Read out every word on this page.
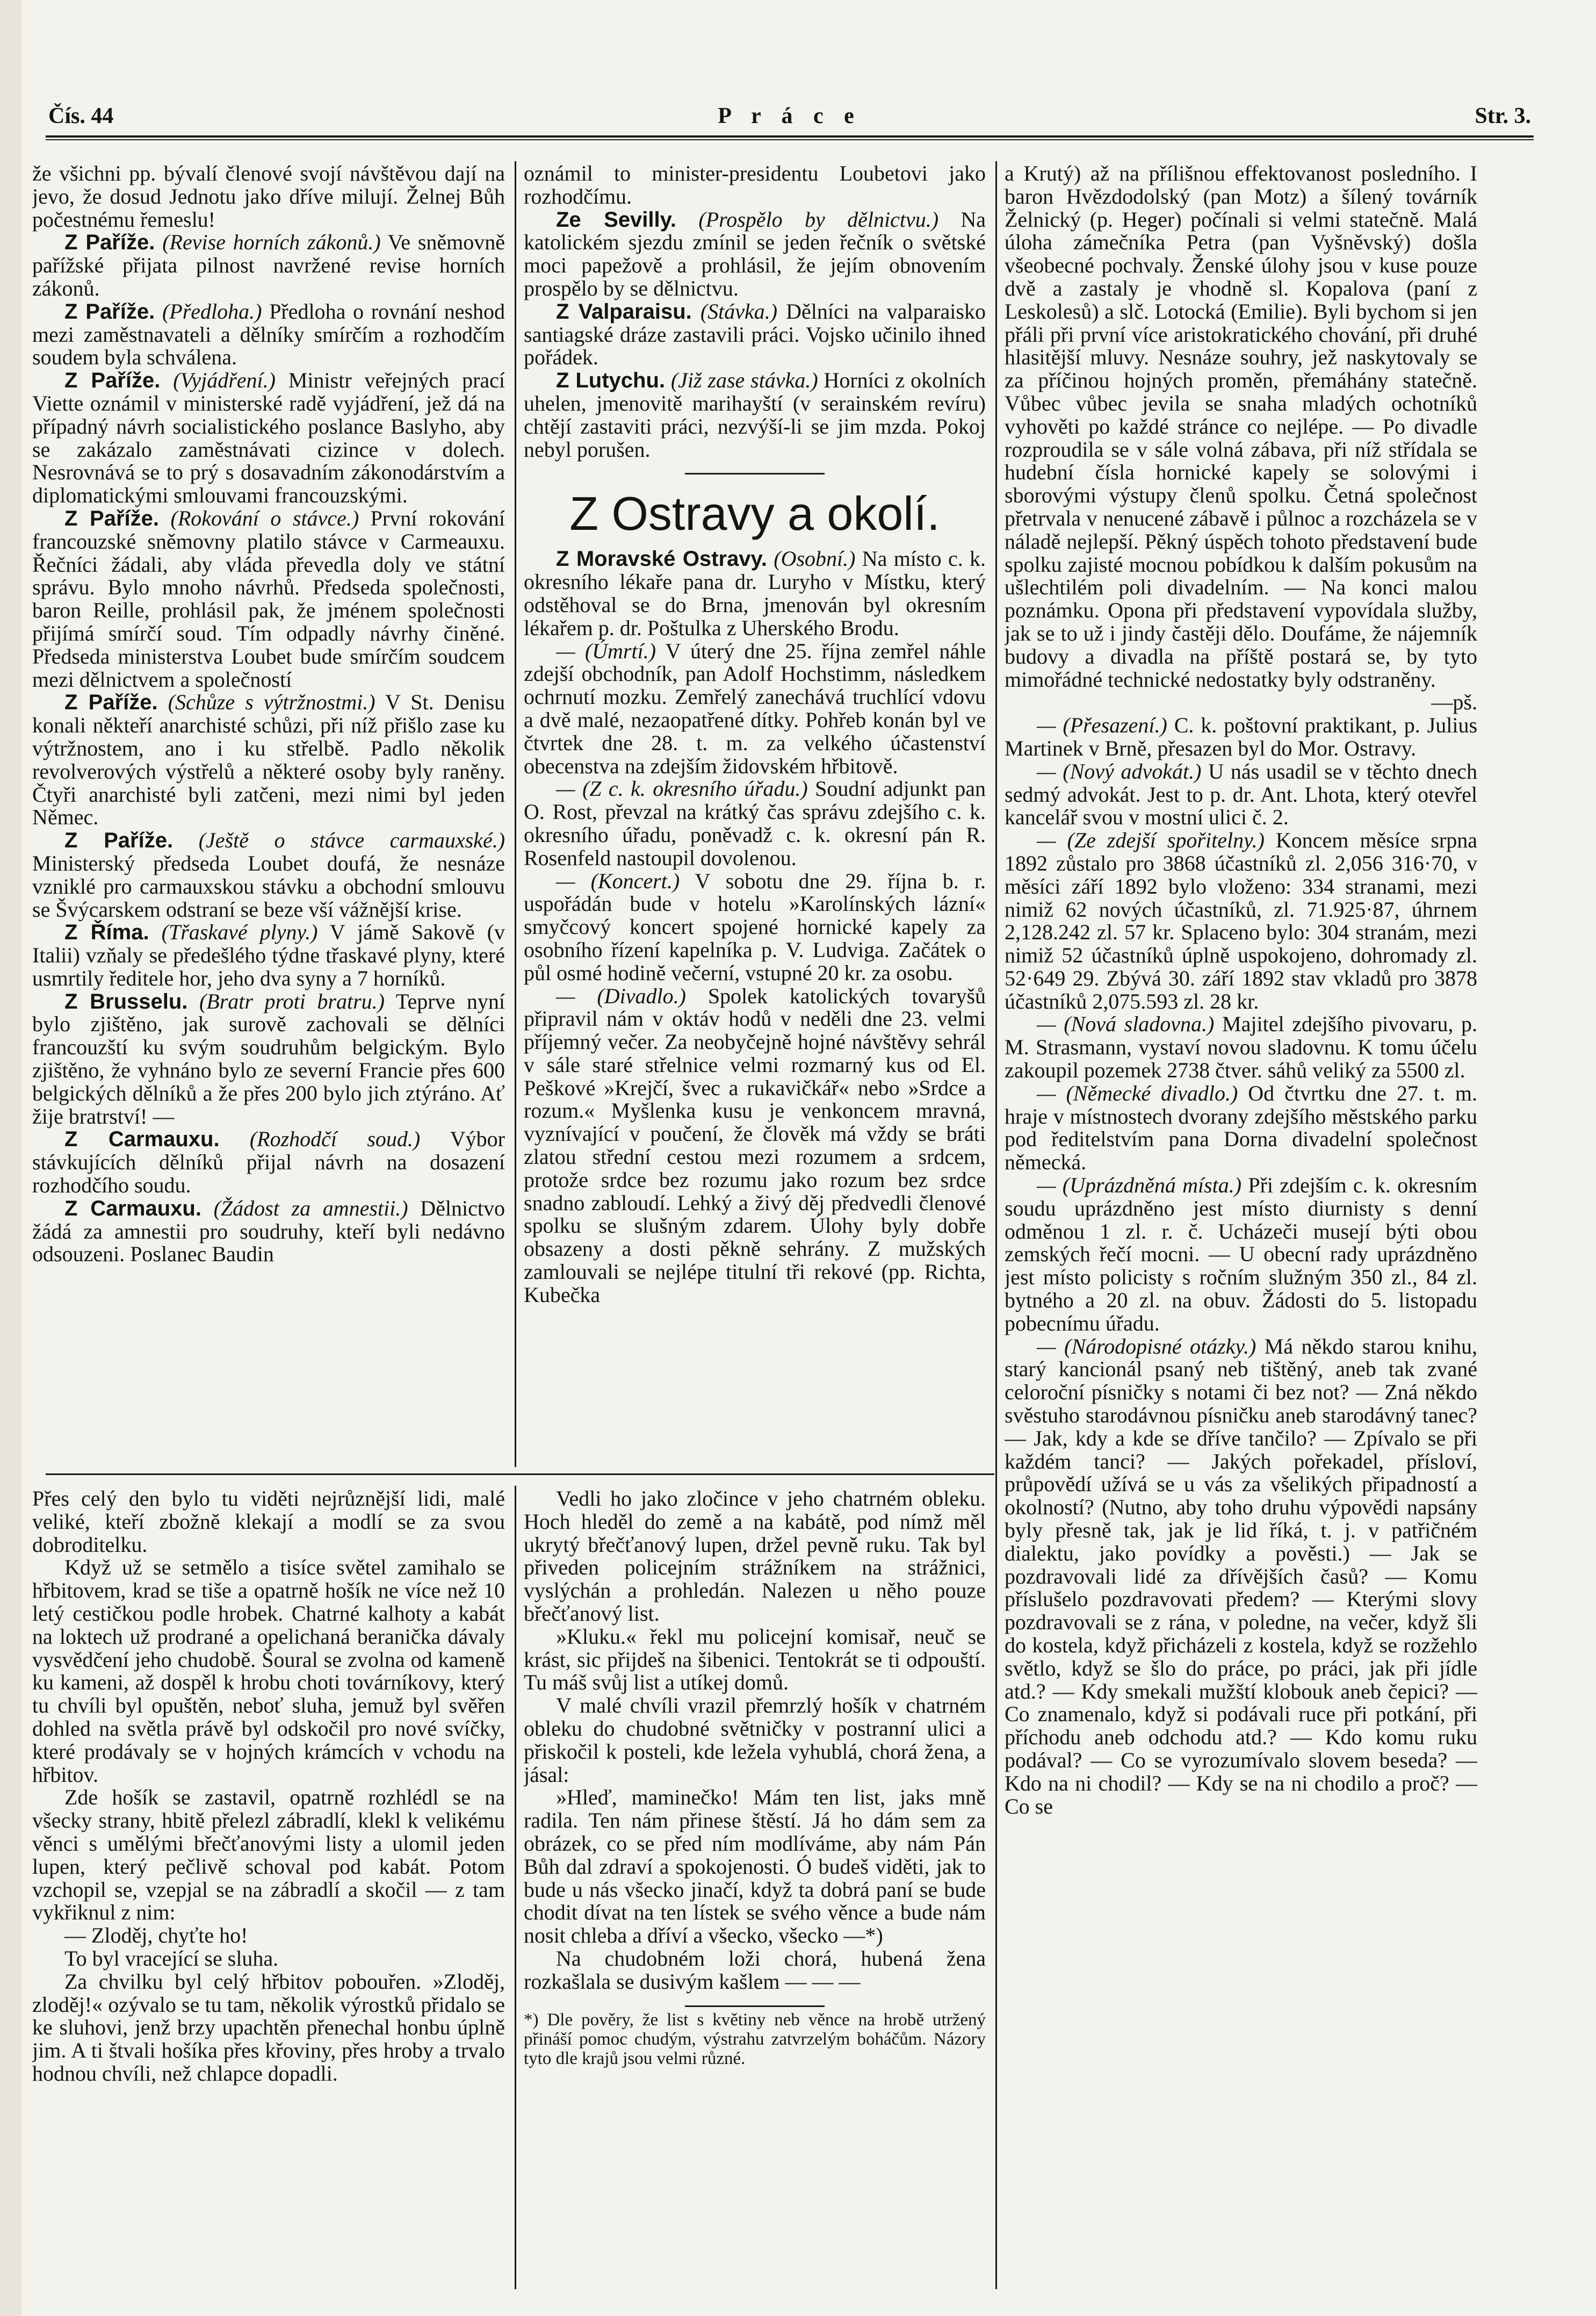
P r á c e
Čís. 44	Str. 3.

že všichni pp. bývalí členové svojí návštěvou dají na jevo, že dosud Jednotu jako dříve milují. Želnej Bůh počestnému řemeslu!

Z Paříže. (Revise horních zákonů.) Ve sněmovně pařížské přijata pilnost navržené revise horních zákonů.

Z Paříže. (Předloha.) Předloha o rovnání neshod mezi zaměstnavateli a dělníky smírčím a rozhodčím soudem byla schválena.

Z Paříže. (Vyjádření.) Ministr veřejných prací Viette oznámil v ministerské radě vyjádření, jež dá na případný návrh socialistického poslance Baslyho, aby se zakázalo zaměstnávati cizince v dolech. Nesrovnává se to prý s dosavadním zákonodárstvím a diplomatickými smlouvami francouzskými.

Z Paříže. (Rokování o stávce.) První rokování francouzské sněmovny platilo stávce v Carmeauxu. Řečníci žádali, aby vláda převedla doly ve státní správu. Bylo mnoho návrhů. Předseda společnosti, baron Reille, prohlásil pak, že jménem společnosti přijímá smírčí soud. Tím odpadly návrhy činěné. Předseda ministerstva Loubet bude smírčím soudcem mezi dělnictvem a společností

Z Paříže. (Schůze s výtržnostmi.) V St. Denisu konali někteří anarchisté schůzi, při níž přišlo zase ku výtržnostem, ano i ku střelbě. Padlo několik revolverových výstřelů a některé osoby byly raněny. Čtyři anarchisté byli zatčeni, mezi nimi byl jeden Němec.

Z Paříže. (Ještě o stávce carmauxské.) Ministerský předseda Loubet doufá, že nesnáze vzniklé pro carmauxskou stávku a obchodní smlouvu se Švýcarskem odstraní se beze vší vážnější krise.

Z Říma. (Třaskavé plyny.) V jámě Sakově (v Italii) vzňaly se předešlého týdne třaskavé plyny, které usmrtily ředitele hor, jeho dva syny a 7 horníků.

Z Brusselu. (Bratr proti bratru.) Teprve nyní bylo zjištěno, jak surově zachovali se dělníci francouzští ku svým soudruhům belgickým. Bylo zjištěno, že vyhnáno bylo ze severní Francie přes 600 belgických dělníků a že přes 200 bylo jich ztýráno. Ať žije bratrství! —

Z Carmauxu. (Rozhodčí soud.) Výbor stávkujících dělníků přijal návrh na dosazení rozhodčího soudu.

Z Carmauxu. (Žádost za amnestii.) Dělnictvo žádá za amnestii pro soudruhy, kteří byli nedávno odsouzeni. Poslanec Baudin

oznámil to minister-presidentu Loubetovi jako rozhodčímu.

Ze Sevilly. (Prospělo by dělnictvu.) Na katolickém sjezdu zmínil se jeden řečník o světské moci papežově a prohlásil, že jejím obnovením prospělo by se dělnictvu.

Z Valparaisu. (Stávka.) Dělníci na valparaisko santiagské dráze zastavili práci. Vojsko učinilo ihned pořádek.

Z Lutychu. (Již zase stávka.) Horníci z okolních uhelen, jmenovitě marihayští (v serainském revíru) chtějí zastaviti práci, nezvýší-li se jim mzda. Pokoj nebyl porušen.

Z Ostravy a okolí.

Z Moravské Ostravy. (Osobní.) Na místo c. k. okresního lékaře pana dr. Luryho v Místku, který odstěhoval se do Brna, jmenován byl okresním lékařem p. dr. Poštulka z Uherského Brodu.

— (Úmrtí.) V úterý dne 25. října zemřel náhle zdejší obchodník, pan Adolf Hochstimm, následkem ochrnutí mozku. Zemřelý zanechává truchlící vdovu a dvě malé, nezaopatřené dítky. Pohřeb konán byl ve čtvrtek dne 28. t. m. za velkého účastenství obecenstva na zdejším židovském hřbitově.

— (Z c. k. okresního úřadu.) Soudní adjunkt pan O. Rost, převzal na krátký čas správu zdejšího c. k. okresního úřadu, poněvadž c. k. okresní pán R. Rosenfeld nastoupil dovolenou.

— (Koncert.) V sobotu dne 29. října b. r. uspořádán bude v hotelu »Karolínských lázní« smyčcový koncert spojené hornické kapely za osobního řízení kapelníka p. V. Ludviga. Začátek o půl osmé hodině večerní, vstupné 20 kr. za osobu.

— (Divadlo.) Spolek katolických tovaryšů připravil nám v oktáv hodů v neděli dne 23. velmi příjemný večer. Za neobyčejně hojné návštěvy sehrál v sále staré střelnice velmi rozmarný kus od El. Peškové »Krejčí, švec a rukavičkář« nebo »Srdce a rozum.« Myšlenka kusu je venkoncem mravná, vyznívající v poučení, že člověk má vždy se bráti zlatou střední cestou mezi rozumem a srdcem, protože srdce bez rozumu jako rozum bez srdce snadno zabloudí. Lehký a živý děj předvedli členové spolku se slušným zdarem. Úlohy byly dobře obsazeny a dosti pěkně sehrány. Z mužských zamlouvali se nejlépe titulní tři rekové (pp. Richta, Kubečka

a Krutý) až na přílišnou effektovanost posledního. I baron Hvězdodolský (pan Motz) a šílený továrník Želnický (p. Heger) počínali si velmi statečně. Malá úloha zámečníka Petra (pan Vyšněvský) došla všeobecné pochvaly. Ženské úlohy jsou v kuse pouze dvě a zastaly je vhodně sl. Kopalova (paní z Leskolesů) a slč. Lotocká (Emilie). Byli bychom si jen přáli při první více aristokratického chování, při druhé hlasitější mluvy. Nesnáze souhry, jež naskytovaly se za příčinou hojných proměn, přemáhány statečně. Vůbec vůbec jevila se snaha mladých ochotníků vyhověti po každé stránce co nejlépe. — Po divadle rozproudila se v sále volná zábava, při níž střídala se hudební čísla hornické kapely se solovými i sborovými výstupy členů spolku. Četná společnost přetrvala v nenucené zábavě i půlnoc a rozcházela se v náladě nejlepší. Pěkný úspěch tohoto představení bude spolku zajisté mocnou pobídkou k dalším pokusům na ušlechtilém poli divadelním. — Na konci malou poznámku. Opona při představení vypovídala služby, jak se to už i jindy častěji dělo. Doufáme, že nájemník budovy a divadla na příště postará se, by tyto mimořádné technické nedostatky byly odstraněny.

—pš.

— (Přesazení.) C. k. poštovní praktikant, p. Julius Martinek v Brně, přesazen byl do Mor. Ostravy.

— (Nový advokát.) U nás usadil se v těchto dnech sedmý advokát. Jest to p. dr. Ant. Lhota, který otevřel kancelář svou v mostní ulici č. 2.

— (Ze zdejší spořitelny.) Koncem měsíce srpna 1892 zůstalo pro 3868 účastníků zl. 2,056 316·70, v měsíci září 1892 bylo vloženo: 334 stranami, mezi nimiž 62 nových účastníků, zl. 71.925·87, úhrnem 2,128.242 zl. 57 kr. Splaceno bylo: 304 stranám, mezi nimiž 52 účastníků úplně uspokojeno, dohromady zl. 52·649 29. Zbývá 30. září 1892 stav vkladů pro 3878 účastníků 2,075.593 zl. 28 kr.

— (Nová sladovna.) Majitel zdejšího pivovaru, p. M. Strasmann, vystaví novou sladovnu. K tomu účelu zakoupil pozemek 2738 čtver. sáhů veliký za 5500 zl.

— (Německé divadlo.) Od čtvrtku dne 27. t. m. hraje v místnostech dvorany zdejšího městského parku pod ředitelstvím pana Dorna divadelní společnost německá.

— (Uprázdněná místa.) Při zdejším c. k. okresním soudu uprázdněno jest místo diurnisty s denní odměnou 1 zl. r. č. Ucházeči musejí býti obou zemských řečí mocni. — U obecní rady uprázdněno jest místo policisty s ročním služným 350 zl., 84 zl. bytného a 20 zl. na obuv. Žádosti do 5. listopadu pobecnímu úřadu.

— (Národopisné otázky.) Má někdo starou knihu, starý kancionál psaný neb tištěný, aneb tak zvané celoroční písničky s notami či bez not? — Zná někdo svěstuho starodávnou písničku aneb starodávný tanec? — Jak, kdy a kde se dříve tančilo? — Zpívalo se při každém tanci? — Jakých pořekadel, přísloví, průpovědí užívá se u vás za všelikých připadností a okolností? (Nutno, aby toho druhu výpovědi napsány byly přesně tak, jak je lid říká, t. j. v patřičném dialektu, jako povídky a pověsti.) — Jak se pozdravovali lidé za dřívějších časů? — Komu příslušelo pozdravovati předem? — Kterými slovy pozdravovali se z rána, v poledne, na večer, když šli do kostela, když přicházeli z kostela, když se rozžehlo světlo, když se šlo do práce, po práci, jak při jídle atd.? — Kdy smekali mužští klobouk aneb čepici? — Co znamenalo, když si podávali ruce při potkání, při příchodu aneb odchodu atd.? — Kdo komu ruku podával? — Co se vyrozumívalo slovem beseda? — Kdo na ni chodil? — Kdy se na ni chodilo a proč? — Co se

Přes celý den bylo tu viděti nejrůznější lidi, malé veliké, kteří zbožně klekají a modlí se za svou dobroditelku.

Když už se setmělo a tisíce světel zamihalo se hřbitovem, krad se tiše a opatrně hošík ne více než 10 letý cestičkou podle hrobek. Chatrné kalhoty a kabát na loktech už prodrané a opelichaná beranička dávaly vysvědčení jeho chudobě. Šoural se zvolna od kameně ku kameni, až dospěl k hrobu choti továrníkovy, který tu chvíli byl opuštěn, neboť sluha, jemuž byl svěřen dohled na světla právě byl odskočil pro nové svíčky, které prodávaly se v hojných krámcích v vchodu na hřbitov.

Zde hošík se zastavil, opatrně rozhlédl se na všecky strany, hbitě přelezl zábradlí, klekl k velikému věnci s umělými břečťanovými listy a ulomil jeden lupen, který pečlivě schoval pod kabát. Potom vzchopil se, vzepjal se na zábradlí a skočil — z tam vykřiknul z nim:

— Zloděj, chyťte ho!

To byl vracející se sluha.

Za chvilku byl celý hřbitov pobouřen. »Zloděj, zloděj!« ozývalo se tu tam, několik výrostků přidalo se ke sluhovi, jenž brzy upachtěn přenechal honbu úplně jim. A ti štvali hošíka přes křoviny, přes hroby a trvalo hodnou chvíli, než chlapce dopadli.

Vedli ho jako zločince v jeho chatrném obleku. Hoch hleděl do země a na kabátě, pod nímž měl ukrytý břečťanový lupen, držel pevně ruku. Tak byl přiveden policejním strážníkem na strážnici, vyslýchán a prohledán. Nalezen u něho pouze břečťanový list.

»Kluku.« řekl mu policejní komisař, neuč se krást, sic přijdeš na šibenici. Tentokrát se ti odpouští. Tu máš svůj list a utíkej domů.

V malé chvíli vrazil přemrzlý hošík v chatrném obleku do chudobné světničky v postranní ulici a přiskočil k posteli, kde ležela vyhublá, chorá žena, a jásal:

»Hleď, maminečko! Mám ten list, jaks mně radila. Ten nám přinese štěstí. Já ho dám sem za obrázek, co se před ním modlíváme, aby nám Pán Bůh dal zdraví a spokojenosti. Ó budeš viděti, jak to bude u nás všecko jinačí, když ta dobrá paní se bude chodit dívat na ten lístek se svého věnce a bude nám nosit chleba a dříví a všecko, všecko —*)

Na chudobném loži chorá, hubená žena rozkašlala se dusivým kašlem — — —

*) Dle pověry, že list s květiny neb věnce na hrobě utržený přináší pomoc chudým, výstrahu zatvrzelým boháčům. Názory tyto dle krajů jsou velmi různé.
